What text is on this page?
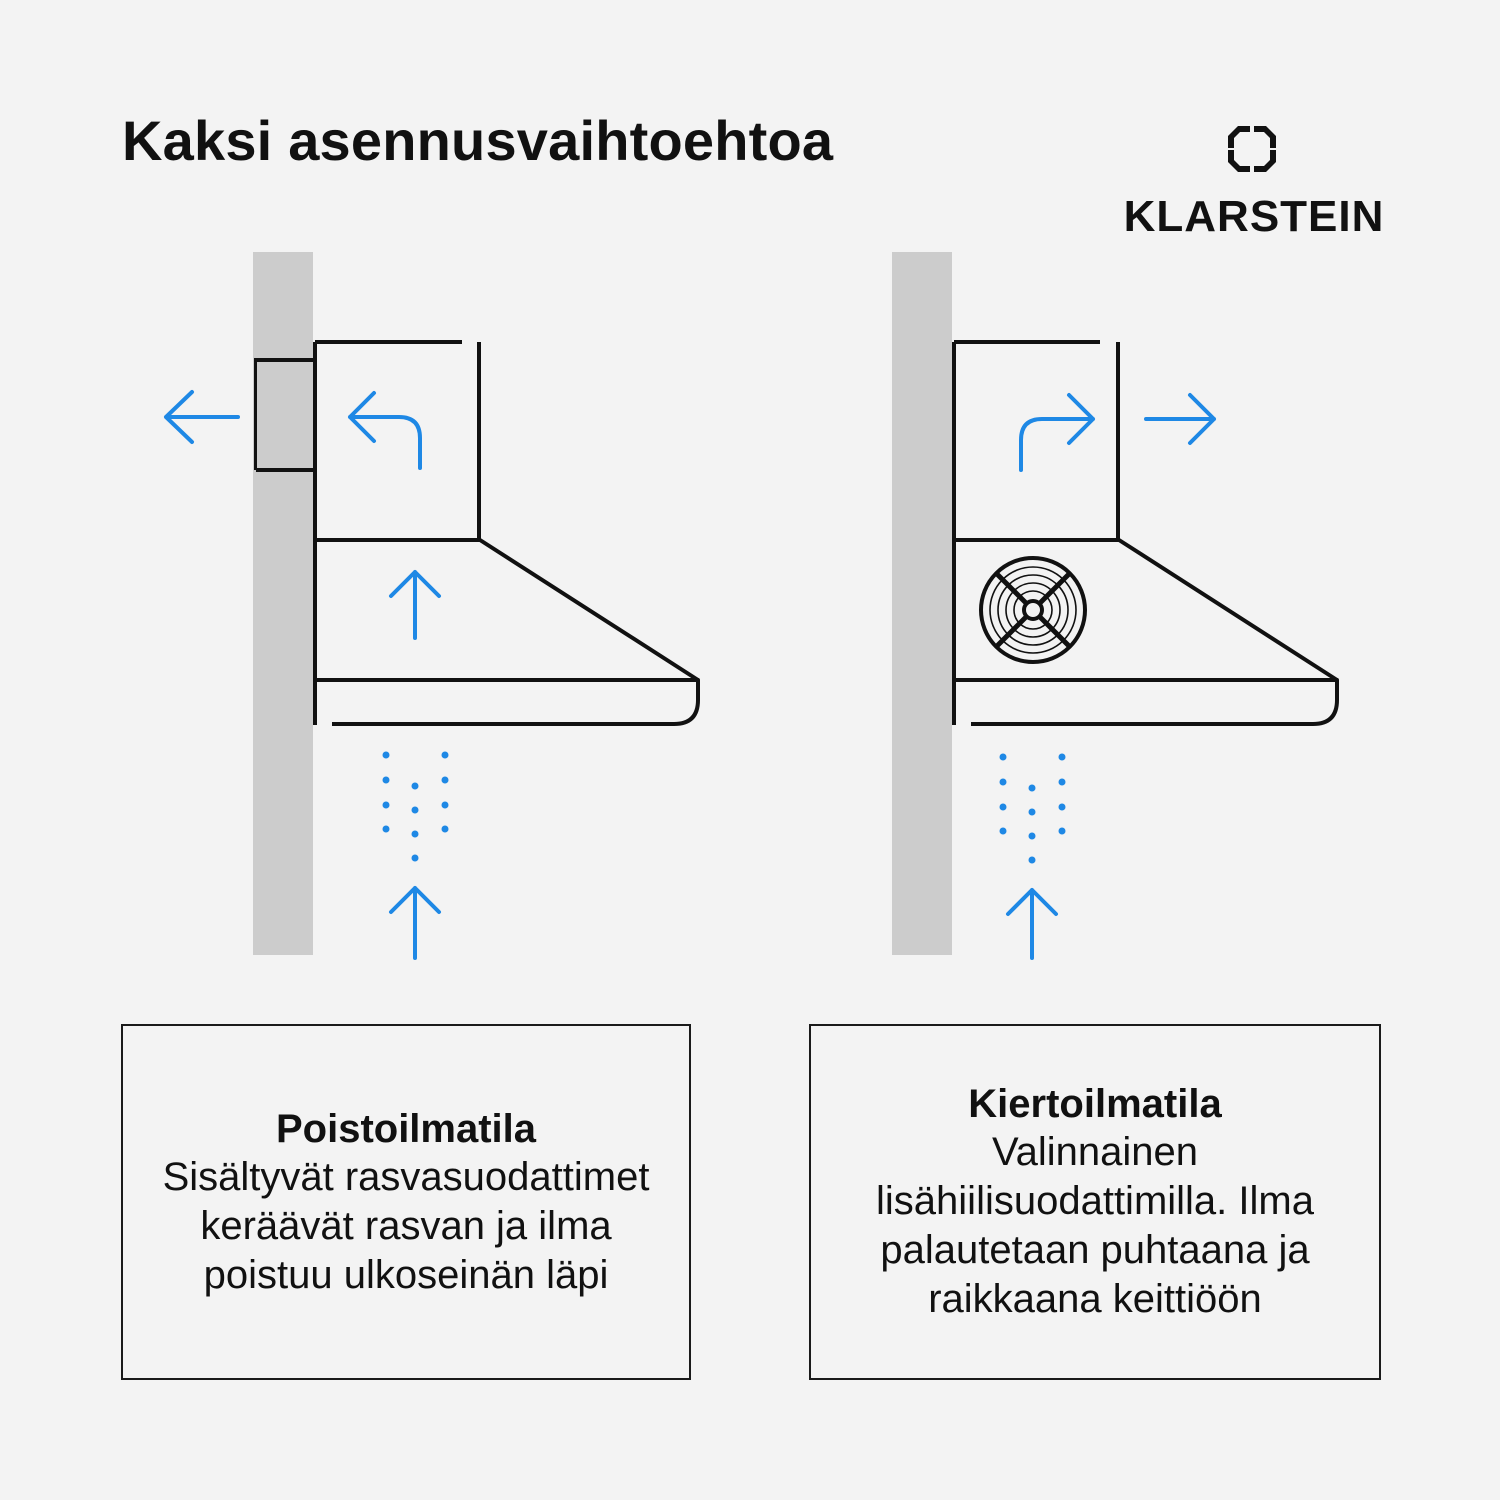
Kaksi asennusvaihtoehtoa
KLARSTEIN
Poistoilmatila
Sisältyvät rasvasuodattimet keräävät rasvan ja ilma poistuu ulkoseinän läpi
Kiertoilmatila
Valinnainen lisähiilisuodattimilla. Ilma palautetaan puhtaana ja raikkaana keittiöön
